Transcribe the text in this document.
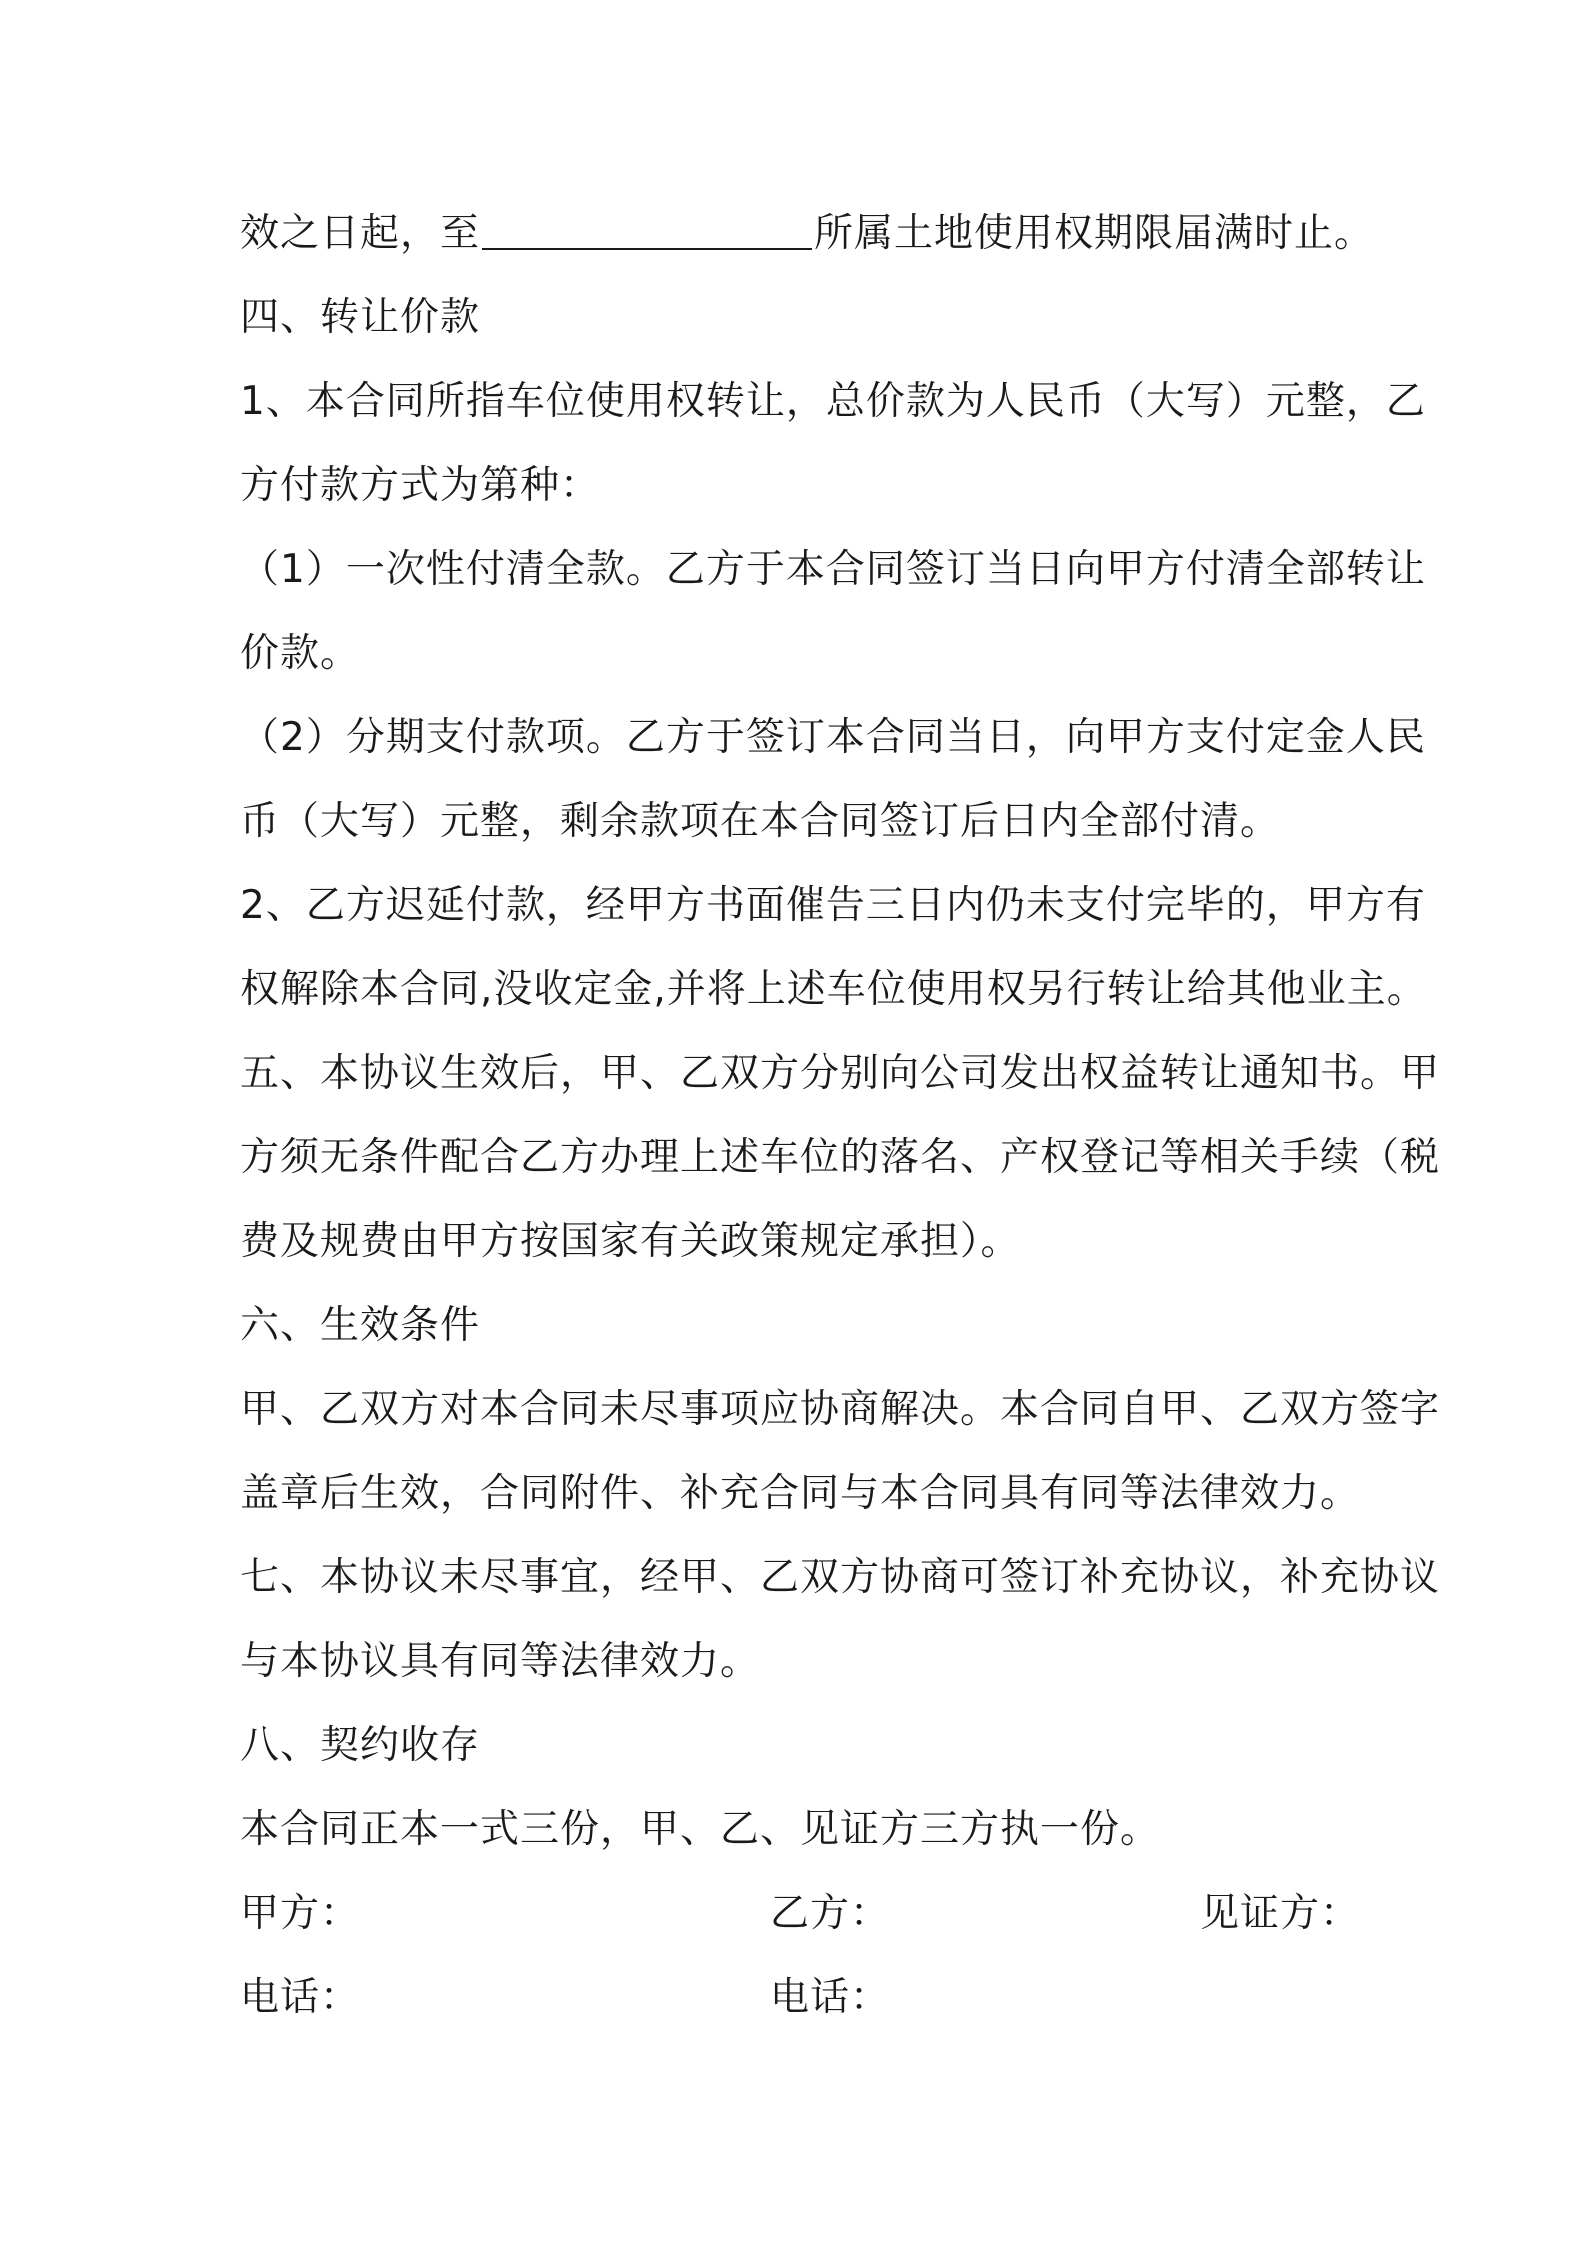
效之日起，至	所属土地使用权期限届满时止。

四、转让价款

1、本合同所指车位使用权转让，总价款为人民币（大写）元整，乙

方付款方式为第种：

（1）一次性付清全款。乙方于本合同签订当日向甲方付清全部转让

价款。

（2）分期支付款项。乙方于签订本合同当日，向甲方支付定金人民

币（大写）元整，剩余款项在本合同签订后日内全部付清。

2、乙方迟延付款，经甲方书面催告三日内仍未支付完毕的，甲方有

权解除本合同,没收定金,并将上述车位使用权另行转让给其他业主。

五、本协议生效后，甲、乙双方分别向公司发出权益转让通知书。甲

方须无条件配合乙方办理上述车位的落名、产权登记等相关手续（税

费及规费由甲方按国家有关政策规定承担）。

六、生效条件

甲、乙双方对本合同未尽事项应协商解决。本合同自甲、乙双方签字

盖章后生效，合同附件、补充合同与本合同具有同等法律效力。

七、本协议未尽事宜，经甲、乙双方协商可签订补充协议，补充协议

与本协议具有同等法律效力。

八、契约收存

本合同正本一式三份，甲、乙、见证方三方执一份。

甲方：	乙方：	见证方：
电话：	电话：
